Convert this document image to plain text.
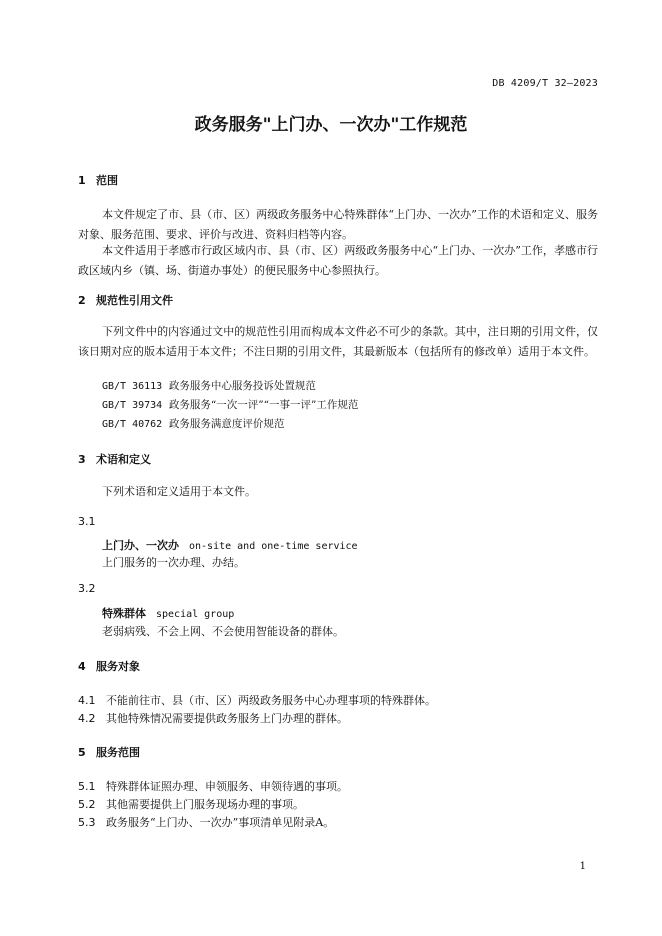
DB 4209/T 32—2023
政务服务"上门办、一次办"工作规范
1 范围
本文件规定了市、县（市、区）两级政务服务中心特殊群体“上门办、一次办”工作的术语和定义、服务对象、服务范围、要求、评价与改进、资料归档等内容。
本文件适用于孝感市行政区域内市、县（市、区）两级政务服务中心“上门办、一次办”工作，孝感市行政区域内乡（镇、场、街道办事处）的便民服务中心参照执行。
2 规范性引用文件
下列文件中的内容通过文中的规范性引用而构成本文件必不可少的条款。其中，注日期的引用文件，仅该日期对应的版本适用于本文件；不注日期的引用文件，其最新版本（包括所有的修改单）适用于本文件。
GB/T 36113 政务服务中心服务投诉处置规范
GB/T 39734 政务服务“一次一评”“一事一评”工作规范
GB/T 40762 政务服务满意度评价规范
3 术语和定义
下列术语和定义适用于本文件。
3.1
上门办、一次办 on-site and one-time service
上门服务的一次办理、办结。
3.2
特殊群体 special group
老弱病残、不会上网、不会使用智能设备的群体。
4 服务对象
4.1 不能前往市、县（市、区）两级政务服务中心办理事项的特殊群体。
4.2 其他特殊情况需要提供政务服务上门办理的群体。
5 服务范围
5.1 特殊群体证照办理、申领服务、申领待遇的事项。
5.2 其他需要提供上门服务现场办理的事项。
5.3 政务服务“上门办、一次办”事项清单见附录A。
1
